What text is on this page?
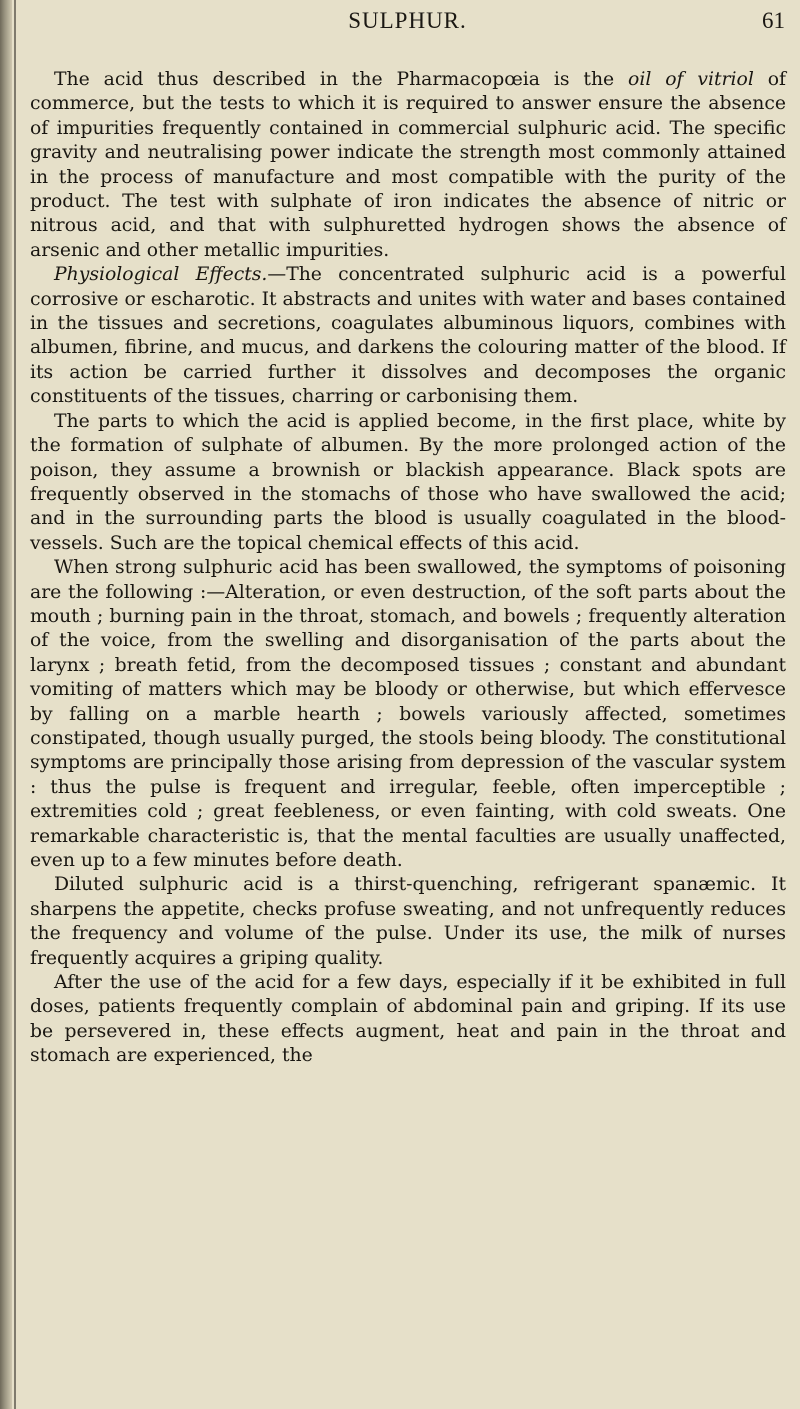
SULPHUR.	61

The acid thus described in the Pharmacopœia is the oil of vitriol of commerce, but the tests to which it is required to answer ensure the absence of impurities frequently contained in commercial sulphuric acid. The specific gravity and neutralising power indicate the strength most commonly attained in the process of manufacture and most compatible with the purity of the product. The test with sulphate of iron indicates the absence of nitric or nitrous acid, and that with sulphuretted hydrogen shows the absence of arsenic and other metallic impurities.

Physiological Effects.—The concentrated sulphuric acid is a powerful corrosive or escharotic. It abstracts and unites with water and bases contained in the tissues and secretions, coagulates albuminous liquors, combines with albumen, fibrine, and mucus, and darkens the colouring matter of the blood. If its action be carried further it dissolves and decomposes the organic constituents of the tissues, charring or carbonising them.

The parts to which the acid is applied become, in the first place, white by the formation of sulphate of albumen. By the more prolonged action of the poison, they assume a brownish or blackish appearance. Black spots are frequently observed in the stomachs of those who have swallowed the acid; and in the surrounding parts the blood is usually coagulated in the blood-vessels. Such are the topical chemical effects of this acid.

When strong sulphuric acid has been swallowed, the symptoms of poisoning are the following :—Alteration, or even destruction, of the soft parts about the mouth ; burning pain in the throat, stomach, and bowels ; frequently alteration of the voice, from the swelling and disorganisation of the parts about the larynx ; breath fetid, from the decomposed tissues ; constant and abundant vomiting of matters which may be bloody or otherwise, but which effervesce by falling on a marble hearth ; bowels variously affected, sometimes constipated, though usually purged, the stools being bloody. The constitutional symptoms are principally those arising from depression of the vascular system : thus the pulse is frequent and irregular, feeble, often imperceptible ; extremities cold ; great feebleness, or even fainting, with cold sweats. One remarkable characteristic is, that the mental faculties are usually unaffected, even up to a few minutes before death.

Diluted sulphuric acid is a thirst-quenching, refrigerant spanæmic. It sharpens the appetite, checks profuse sweating, and not unfrequently reduces the frequency and volume of the pulse. Under its use, the milk of nurses frequently acquires a griping quality.

After the use of the acid for a few days, especially if it be exhibited in full doses, patients frequently complain of abdominal pain and griping. If its use be persevered in, these effects augment, heat and pain in the throat and stomach are experienced, the
